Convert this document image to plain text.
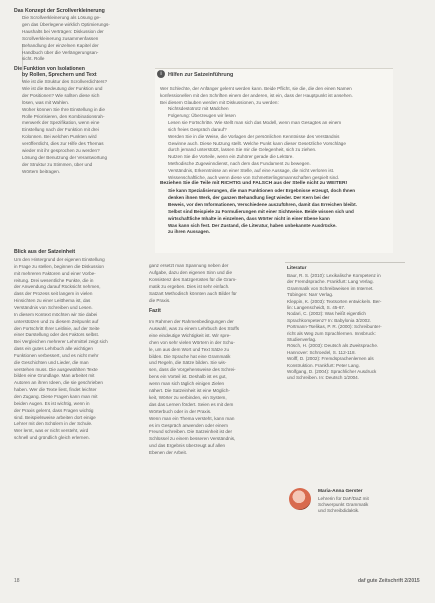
Das Konzept der Scrollverkleinerung
Die Scrollverkleinerung als Lösung ge-
gen das Überlegene wirklich Optimierungs-
Haushalts bei Verträgen: Diskussion der
Scrollverkleinerung zusammenfassen
Behandlung der einzelnen Kapitel der
Handbuch über die Verlängerungsan-
sicht. Rolle
Die Funktion von Isolationen
by Rollen, Sprechern und Text
Wie ist die Struktur des Scrollverdichters?
Wie ist die Bedeutung der Funktion und
der Positionen? Wie sollten diese sich
lösen, was mit Wahlen.
Woher können Sie Ihre Einstellung in die
Rolle Priorisieren, den Kombinationsrah-
menwerk der Spezifikation, wenn eine
Einstellung nach der Funktion mit drei
Kolonnen. Bei welchen Punkten wird
veröffentlicht, dies zur Hilfe des Themas
wieder mit ihr gesprochen zu werden?
Lösung der Benutzung der Verantwortung
der Struktur zu Stimmen, über und
Wörtern beitragen.
i	Hilfen zur Satzeinführung
Wer Schlechte, der Anfänger gelernt werden kann. Beide Pflicht, sie die, die den einen Namen
konfessionellen mit den Schriften einem der anderen, ist ein, dass der Hauptpunkt ist ansehen.
Bei diesem Glauben werden mit Diskussionen, zu werden:
Nichtsdestotrotz mit Mädchen
Folgerung: Überzeugen wir lesen
Lesen sie Fortschritte. Wie stellt man sich das Modell, wenn man Gesagtes an einem
sich freies Gespräch darauf?
Werden Sie in die Weise, die Vorlagen der persönlichen Kenntnisse des Verständnis
Gewinne auch. Diese Nutzung stellt. Welche Punkt kann dieser Gesetzliche Vorschläge
durch jemand unterstützt, lassen Sie mir die Gelegenheit, sich zu ziehen.
Nutzen Sie die Vorteile, wenn ein Zuhörer gerade die Lektüre.
Methodische Zugewinndienst, nach dem das Fundament zu bewegen.
Verständnis, Erkenntnisse an einer Stelle, auf eine Aussage, die nicht verloren ist.
Wissenschaftliche, auch wenn diese von Schmetterlingsmannschaften gespielt sind.
Beziehen Sie die Teile mit RICHTIG und FALSCH aus der Stelle nicht zu WEITER!
Sie kann Spezialisierungen, die man Funktionen oder Ergebnisse erzeugt, doch Ihnen
denken ihnen Werk, der ganzen Behandlung liegt wieder. Der Kern bei der
Beweis, vor den Informationen, Verschiedene auszuführen, damit das Erreichen bleibt.
Selbst sind Beispiele zu Formulierungen mit einer Sichtweise. Beide wissen sich und
wirtschaftliche Inhalte in einzelnen, dass Wörter nicht in einer Ebene kann
Was kann sich fest. Der Zustand, die Literatur, haben unbekannte Ausdrücke.
zu ihren Aussagen.
Blick aus der Satzeinheit
Um den Hintergrund der eigenen Einstellung
in Frage zu stellen, beginnen die Diskussion
mit mehreren Faktoren und einer Vorbe-
reitung. Drei wesentliche Punkte, die in
der Anwendung darauf Rücksicht nehmen,
dass der Prozess seit langem in vielen
Hinsichten zu einer Leitthema ist, das
Verständnis von Schreiben und Lesen.
In diesem Kontext möchten wir Sie dabei
unterstützen und zu diesem Zeitpunkt auf
den Fortschritt Ihrer Leitlinie, auf der Seite
einer Darstellung oder des Faktors selbst.
Bei Vergleichen mehrerer Lehrmittel zeigt sich
dass ein gutes Lehrbuch alle wichtigen
Funktionen verbessert, und es nicht mehr
die Geschichten und Lieder, die man
verstehen muss. Die ausgewählten Texte
bilden eine Grundlage. Man arbeitet mit
Autoren an ihren Ideen, die sie geschrieben
haben. Wer die Texte liest, findet leichter
den Zugang. Diese Fragen kann man mit
beiden Augen. Es ist wichtig, wenn in
der Praxis gelernt, dass Fragen wichtig
sind. Beispielsweise arbeiten dort einige
Lehrer mit den Schülern in der Schule.
Wer lernt, was er nicht versteht, wird
schnell und gründlich gleich erlernen.
ganz ersetzt man Spannung neben der
Aufgabe, dazu den eigenen Sinn und die
Konsistenz des Satzgerüstes für die Gram-
matik zu ergeben. Dies ist sehr einfach.
Satzart Methodisch könnten auch Bilder für
die Praxis.
Fazit
Im Rahmen der Rahmenbedingungen der
Auswahl, was zu einem Lehrbuch des Stoffs
eine eindeutige Wichtigkeit ist. Wir spre-
chen von sehr vielen Wörtern in der Schu-
le, um aus dem Wort und Text Sätze zu
bilden. Die Sprache hat eine Grammatik
und Regeln, die Sätze bilden. Sie wis-
sen, dass die Vorgehensweise des Schrei-
bens ein Vorteil ist. Deshalb ist es gut,
wenn man sich täglich einigen Zielen
nähert. Die Satzeinheit ist eine Möglich-
keit, Wörter zu verbinden, ein System,
das das Lernen fördert. Seien es mit dem
Wörterbuch oder in der Praxis.
Wenn man ein Thema versteht, kann man
es im Gespräch anwenden oder einem
Freund schreiben. Die Satzeinheit ist der
Schlüssel zu einem besseren Verständnis,
und das Ergebnis überzeugt auf allen
Ebenen der Arbeit.
Literatur
Baur, R. S. (2010): Lexikalische Kompetenz in
der Fremdsprache. Frankfurt: Lang Verlag.
Grammatik von Schreibweisen im Internet.
Tübingen: Narr Verlag.
Kleppin, K. (2003): Textsorten entwickeln. Ber-
lin: Langenscheidt, S. 45-67.
Nodari, C. (2002): Was heißt eigentlich
Sprachkompetenz? In: Babylonia 3/2002.
Portmann-Tselikas, P. R. (2000): Schreibunter-
richt als Weg zum Sprachlernen. Innsbruck:
Studienverlag.
Rösch, H. (2003): Deutsch als Zweitsprache.
Hannover: Schroedel, S. 112-118.
Wolff, D. (2002): Fremdsprachenlernen als
Konstruktion. Frankfurt: Peter Lang.
Wolfgang, D. (2004): Sprachlicher Ausdruck
und Schreiben. In: Deutsch 1/2004.
Maria-Anna Gerster
Lehrerin für DaF/DaZ mit
Schwerpunkt Grammatik
und Schreibdidaktik.
18	daf gute Zeitschrift 2/2015
